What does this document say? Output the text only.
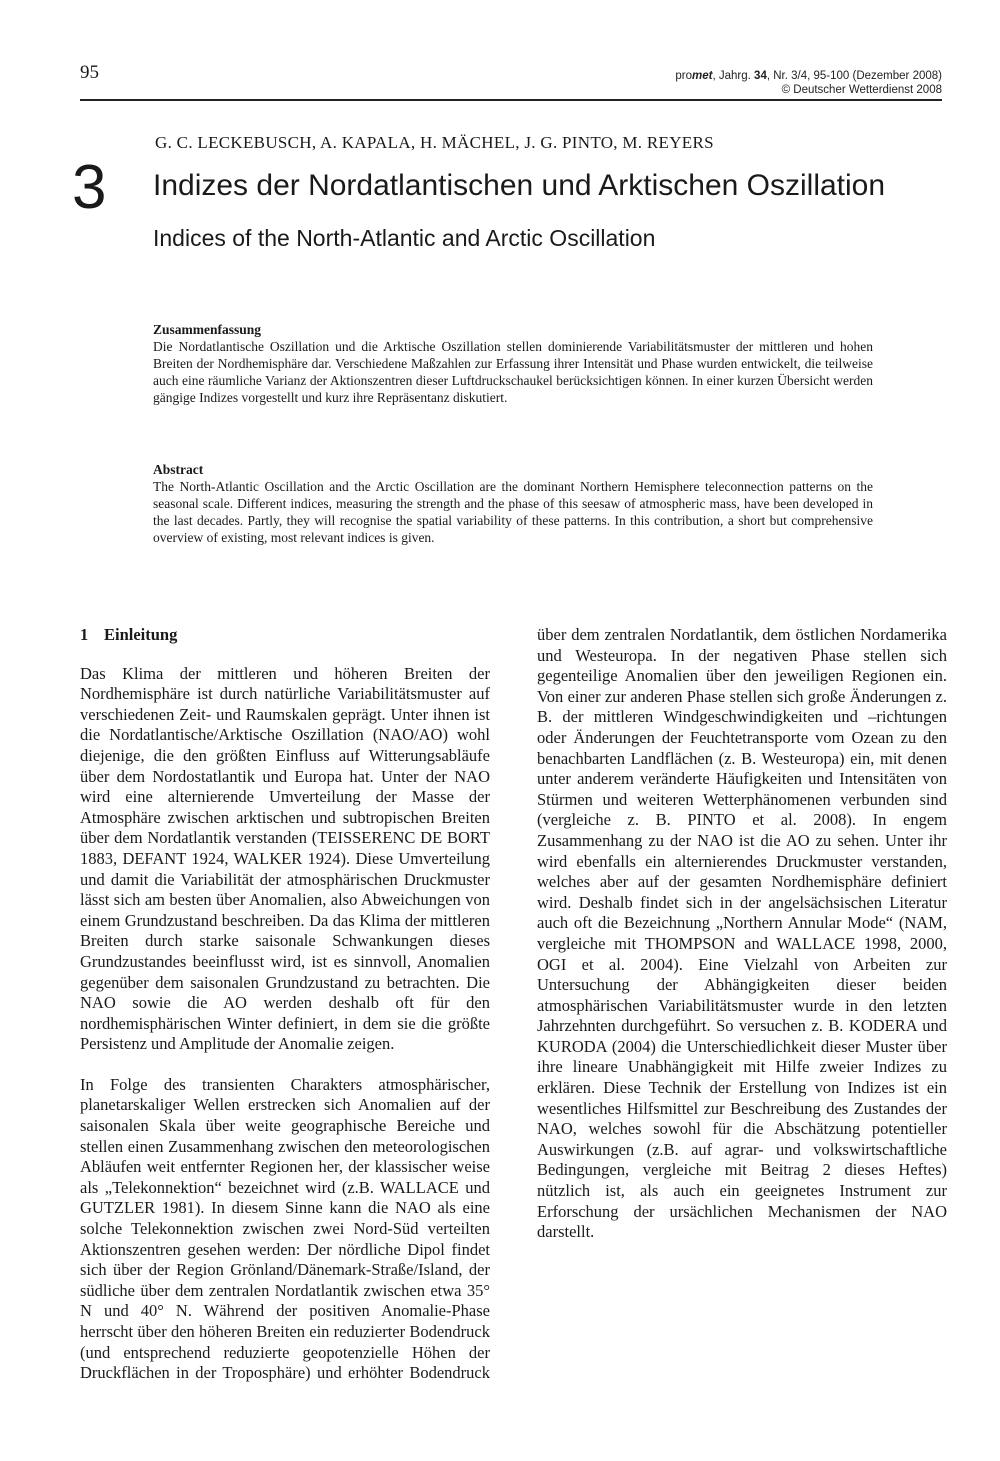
95	promet, Jahrg. 34, Nr. 3/4, 95-100 (Dezember 2008)
© Deutscher Wetterdienst 2008
G. C. LECKEBUSCH, A. KAPALA, H. MÄCHEL, J. G. PINTO, M. REYERS
3 Indizes der Nordatlantischen und Arktischen Oszillation
Indices of the North-Atlantic and Arctic Oscillation
Zusammenfassung

Die Nordatlantische Oszillation und die Arktische Oszillation stellen dominierende Variabilitätsmuster der mittleren und hohen Breiten der Nordhemisphäre dar. Verschiedene Maßzahlen zur Erfassung ihrer Intensität und Phase wurden entwickelt, die teilweise auch eine räumliche Varianz der Aktionszentren dieser Luftdruckschaukel berücksichtigen können. In einer kurzen Übersicht werden gängige Indizes vorgestellt und kurz ihre Repräsentanz diskutiert.

Abstract

The North-Atlantic Oscillation and the Arctic Oscillation are the dominant Northern Hemisphere teleconnection patterns on the seasonal scale. Different indices, measuring the strength and the phase of this seesaw of atmospheric mass, have been developed in the last decades. Partly, they will recognise the spatial variability of these patterns. In this contribution, a short but comprehensive overview of existing, most relevant indices is given.

1 Einleitung

Das Klima der mittleren und höheren Breiten der Nordhemisphäre ist durch natürliche Variabilitätsmuster auf verschiedenen Zeit- und Raumskalen geprägt. Unter ihnen ist die Nordatlantische/Arktische Oszillation (NAO/AO) wohl diejenige, die den größten Einfluss auf Witterungsabläufe über dem Nordostatlantik und Europa hat. Unter der NAO wird eine alternierende Umverteilung der Masse der Atmosphäre zwischen arktischen und subtropischen Breiten über dem Nordatlantik verstanden (TEISSERENC DE BORT 1883, DEFANT 1924, WALKER 1924). Diese Umverteilung und damit die Variabilität der atmosphärischen Druckmuster lässt sich am besten über Anomalien, also Abweichungen von einem Grundzustand beschreiben. Da das Klima der mittleren Breiten durch starke saisonale Schwankungen dieses Grundzustandes beeinflusst wird, ist es sinnvoll, Anomalien gegenüber dem saisonalen Grundzustand zu betrachten. Die NAO sowie die AO werden deshalb oft für den nordhemisphärischen Winter definiert, in dem sie die größte Persistenz und Amplitude der Anomalie zeigen.

In Folge des transienten Charakters atmosphärischer, planetarskaliger Wellen erstrecken sich Anomalien auf der saisonalen Skala über weite geographische Bereiche und stellen einen Zusammenhang zwischen den meteorologischen Abläufen weit entfernter Regionen her, der klassischer weise als „Telekonnektion“ bezeichnet wird (z.B. WALLACE und GUTZLER 1981). In diesem Sinne kann die NAO als eine solche Telekonnektion zwischen zwei Nord-Süd verteilten Aktionszentren gesehen werden: Der nördliche Dipol findet sich über der Region Grönland/Dänemark-Straße/Island, der südliche über dem zentralen Nordatlantik zwischen etwa 35° N und 40° N. Während der positiven Anomalie-Phase herrscht über den höheren Breiten ein reduzierter Bodendruck (und entsprechend reduzierte geopotenzielle Höhen der Druckflächen in der Troposphäre) und erhöhter Bodendruck

über dem zentralen Nordatlantik, dem östlichen Nordamerika und Westeuropa. In der negativen Phase stellen sich gegenteilige Anomalien über den jeweiligen Regionen ein. Von einer zur anderen Phase stellen sich große Änderungen z. B. der mittleren Windgeschwindigkeiten und –richtungen oder Änderungen der Feuchtetransporte vom Ozean zu den benachbarten Landflächen (z. B. Westeuropa) ein, mit denen unter anderem veränderte Häufigkeiten und Intensitäten von Stürmen und weiteren Wetterphänomenen verbunden sind (vergleiche z. B. PINTO et al. 2008). In engem Zusammenhang zu der NAO ist die AO zu sehen. Unter ihr wird ebenfalls ein alternierendes Druckmuster verstanden, welches aber auf der gesamten Nordhemisphäre definiert wird. Deshalb findet sich in der angelsächsischen Literatur auch oft die Bezeichnung „Northern Annular Mode“ (NAM, vergleiche mit THOMPSON and WALLACE 1998, 2000, OGI et al. 2004). Eine Vielzahl von Arbeiten zur Untersuchung der Abhängigkeiten dieser beiden atmosphärischen Variabilitätsmuster wurde in den letzten Jahrzehnten durchgeführt. So versuchen z. B. KODERA und KURODA (2004) die Unterschiedlichkeit dieser Muster über ihre lineare Unabhängigkeit mit Hilfe zweier Indizes zu erklären. Diese Technik der Erstellung von Indizes ist ein wesentliches Hilfsmittel zur Beschreibung des Zustandes der NAO, welches sowohl für die Abschätzung potentieller Auswirkungen (z.B. auf agrar- und volkswirtschaftliche Bedingungen, vergleiche mit Beitrag 2 dieses Heftes) nützlich ist, als auch ein geeignetes Instrument zur Erforschung der ursächlichen Mechanismen der NAO darstellt.
